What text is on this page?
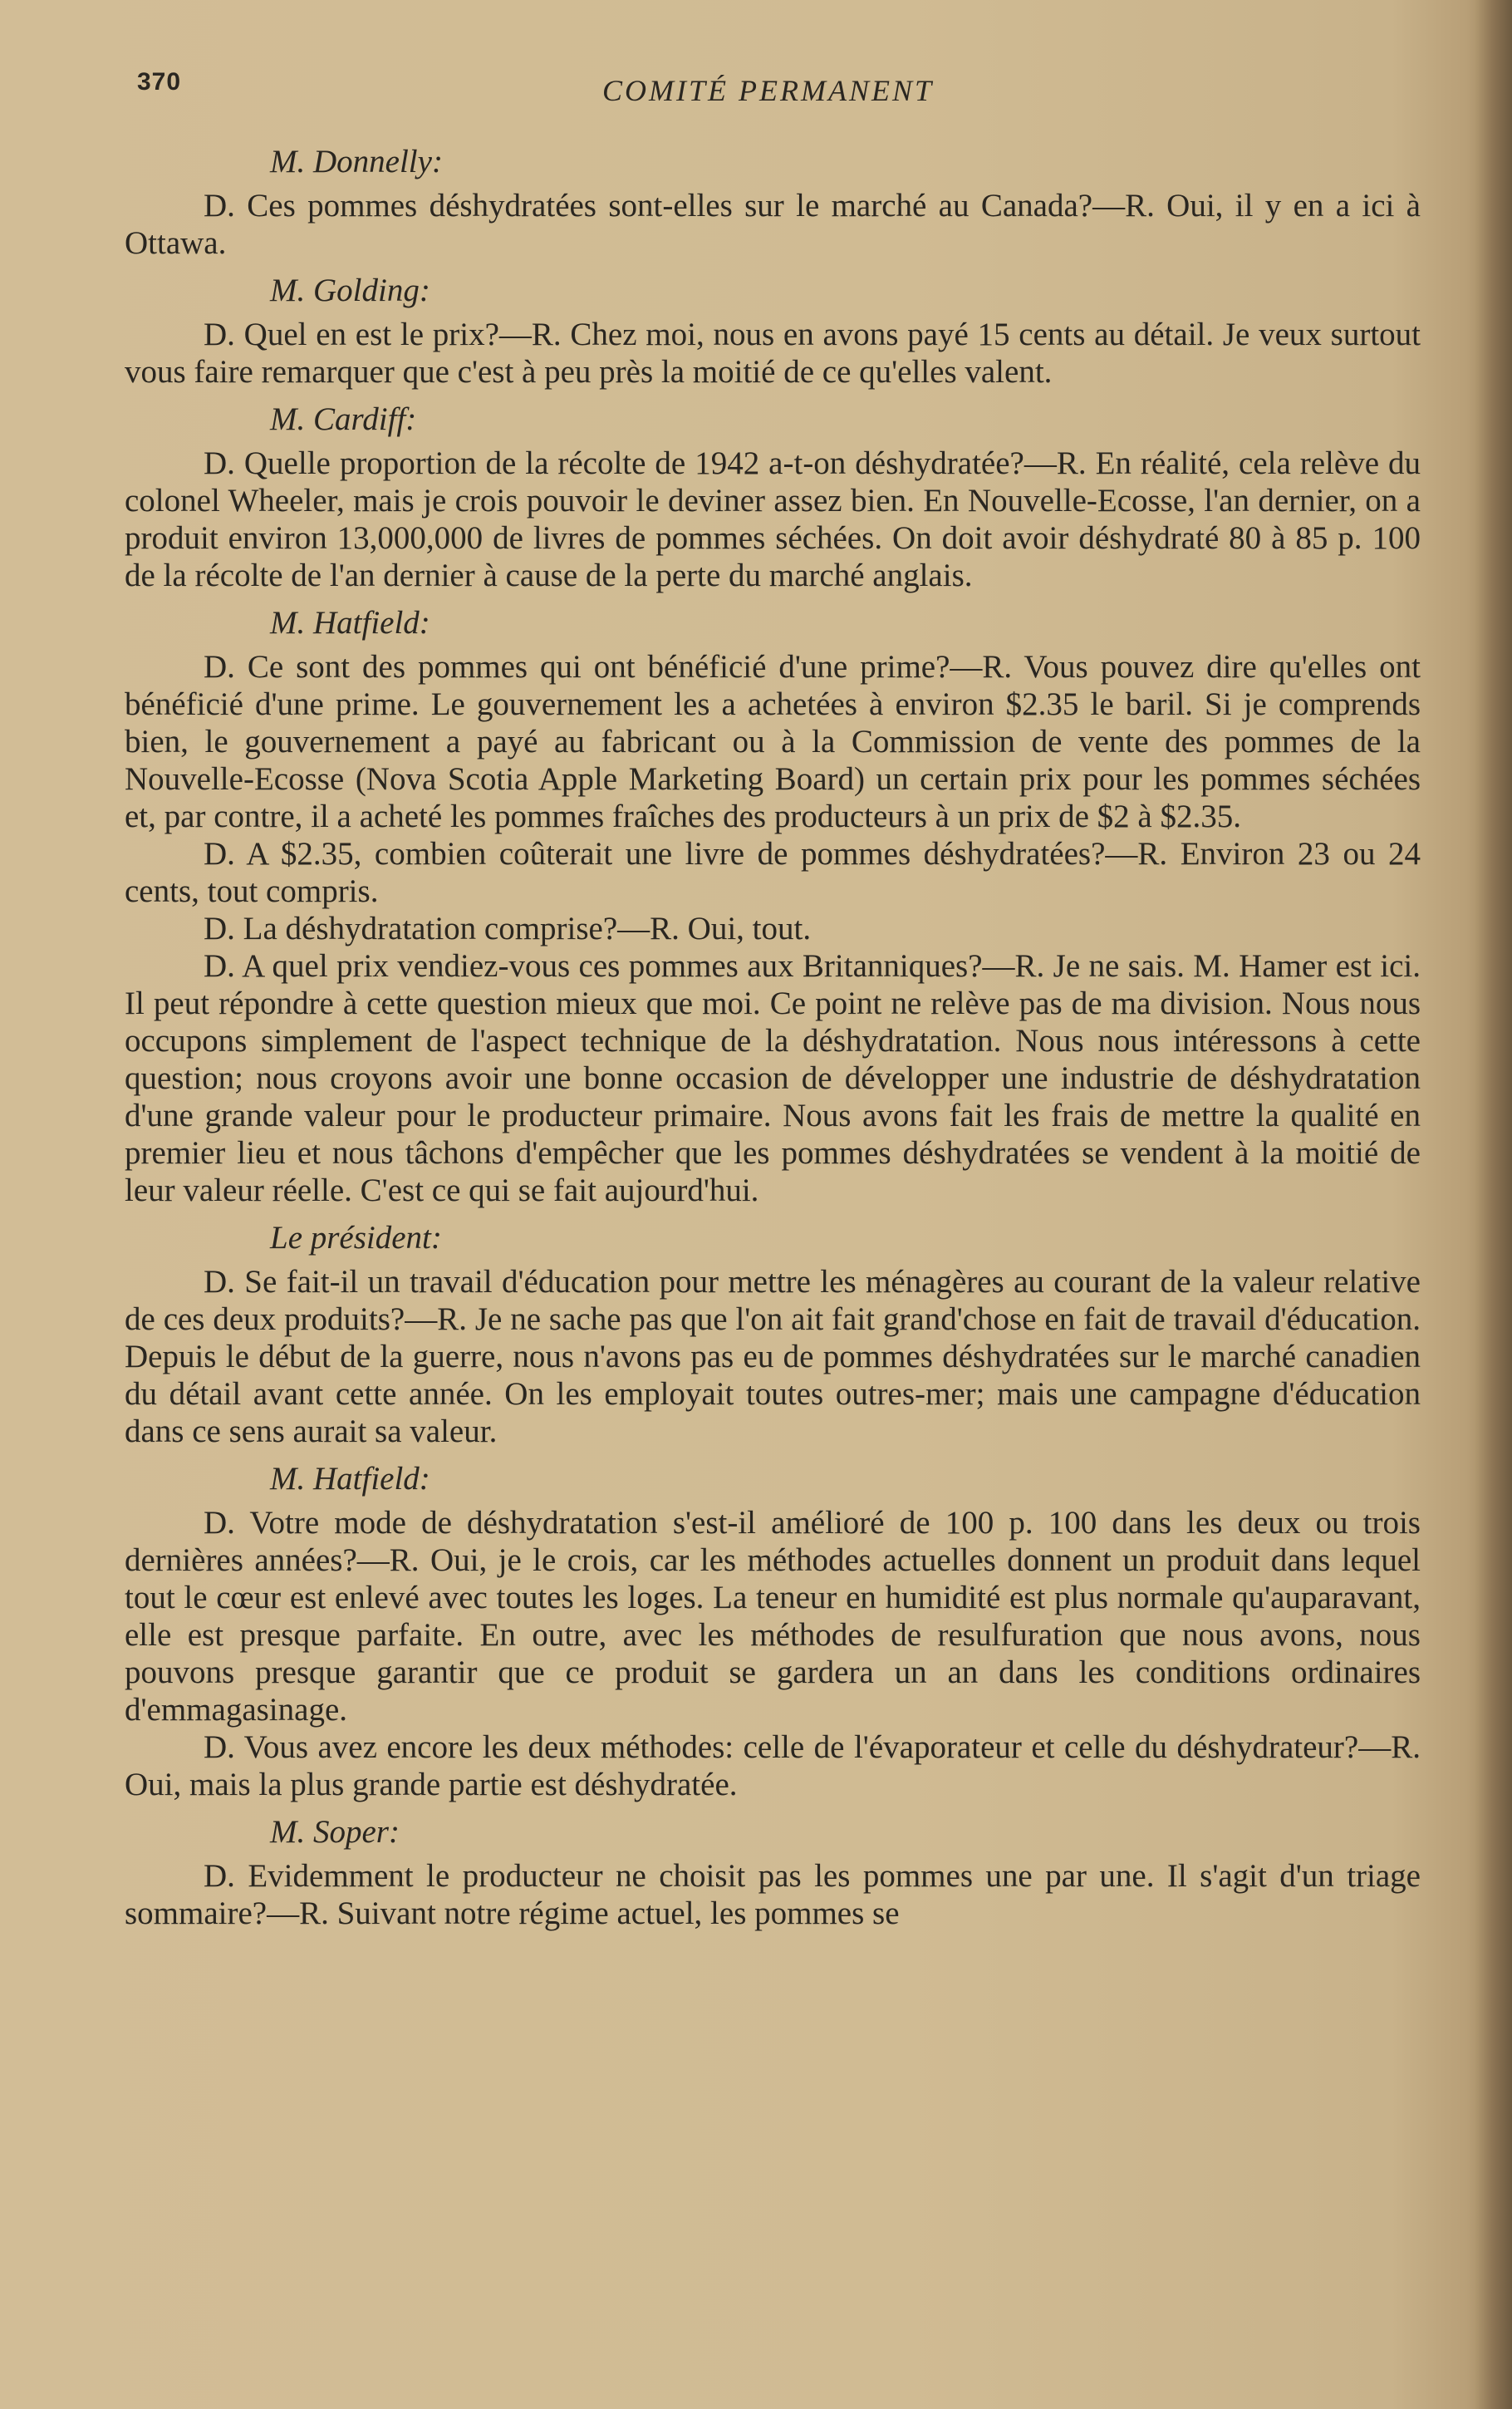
370	COMITÉ PERMANENT
M. Donnelly:

D. Ces pommes déshydratées sont-elles sur le marché au Canada?—R. Oui, il y en a ici à Ottawa.

M. Golding:

D. Quel en est le prix?—R. Chez moi, nous en avons payé 15 cents au détail. Je veux surtout vous faire remarquer que c'est à peu près la moitié de ce qu'elles valent.

M. Cardiff:

D. Quelle proportion de la récolte de 1942 a-t-on déshydratée?—R. En réalité, cela relève du colonel Wheeler, mais je crois pouvoir le deviner assez bien. En Nouvelle-Ecosse, l'an dernier, on a produit environ 13,000,000 de livres de pommes séchées. On doit avoir déshydraté 80 à 85 p. 100 de la récolte de l'an dernier à cause de la perte du marché anglais.

M. Hatfield:

D. Ce sont des pommes qui ont bénéficié d'une prime?—R. Vous pouvez dire qu'elles ont bénéficié d'une prime. Le gouvernement les a achetées à environ $2.35 le baril. Si je comprends bien, le gouvernement a payé au fabricant ou à la Commission de vente des pommes de la Nouvelle-Ecosse (Nova Scotia Apple Marketing Board) un certain prix pour les pommes séchées et, par contre, il a acheté les pommes fraîches des producteurs à un prix de $2 à $2.35.

D. A $2.35, combien coûterait une livre de pommes déshydratées?—R. Environ 23 ou 24 cents, tout compris.

D. La déshydratation comprise?—R. Oui, tout.

D. A quel prix vendiez-vous ces pommes aux Britanniques?—R. Je ne sais. M. Hamer est ici. Il peut répondre à cette question mieux que moi. Ce point ne relève pas de ma division. Nous nous occupons simplement de l'aspect technique de la déshydratation. Nous nous intéressons à cette question; nous croyons avoir une bonne occasion de développer une industrie de déshydratation d'une grande valeur pour le producteur primaire. Nous avons fait les frais de mettre la qualité en premier lieu et nous tâchons d'empêcher que les pommes déshydratées se vendent à la moitié de leur valeur réelle. C'est ce qui se fait aujourd'hui.

Le président:

D. Se fait-il un travail d'éducation pour mettre les ménagères au courant de la valeur relative de ces deux produits?—R. Je ne sache pas que l'on ait fait grand'chose en fait de travail d'éducation. Depuis le début de la guerre, nous n'avons pas eu de pommes déshydratées sur le marché canadien du détail avant cette année. On les employait toutes outres-mer; mais une campagne d'éducation dans ce sens aurait sa valeur.

M. Hatfield:

D. Votre mode de déshydratation s'est-il amélioré de 100 p. 100 dans les deux ou trois dernières années?—R. Oui, je le crois, car les méthodes actuelles donnent un produit dans lequel tout le cœur est enlevé avec toutes les loges. La teneur en humidité est plus normale qu'auparavant, elle est presque parfaite. En outre, avec les méthodes de resulfuration que nous avons, nous pouvons presque garantir que ce produit se gardera un an dans les conditions ordinaires d'emmagasinage.

D. Vous avez encore les deux méthodes: celle de l'évaporateur et celle du déshydrateur?—R. Oui, mais la plus grande partie est déshydratée.

M. Soper:

D. Evidemment le producteur ne choisit pas les pommes une par une. Il s'agit d'un triage sommaire?—R. Suivant notre régime actuel, les pommes se
